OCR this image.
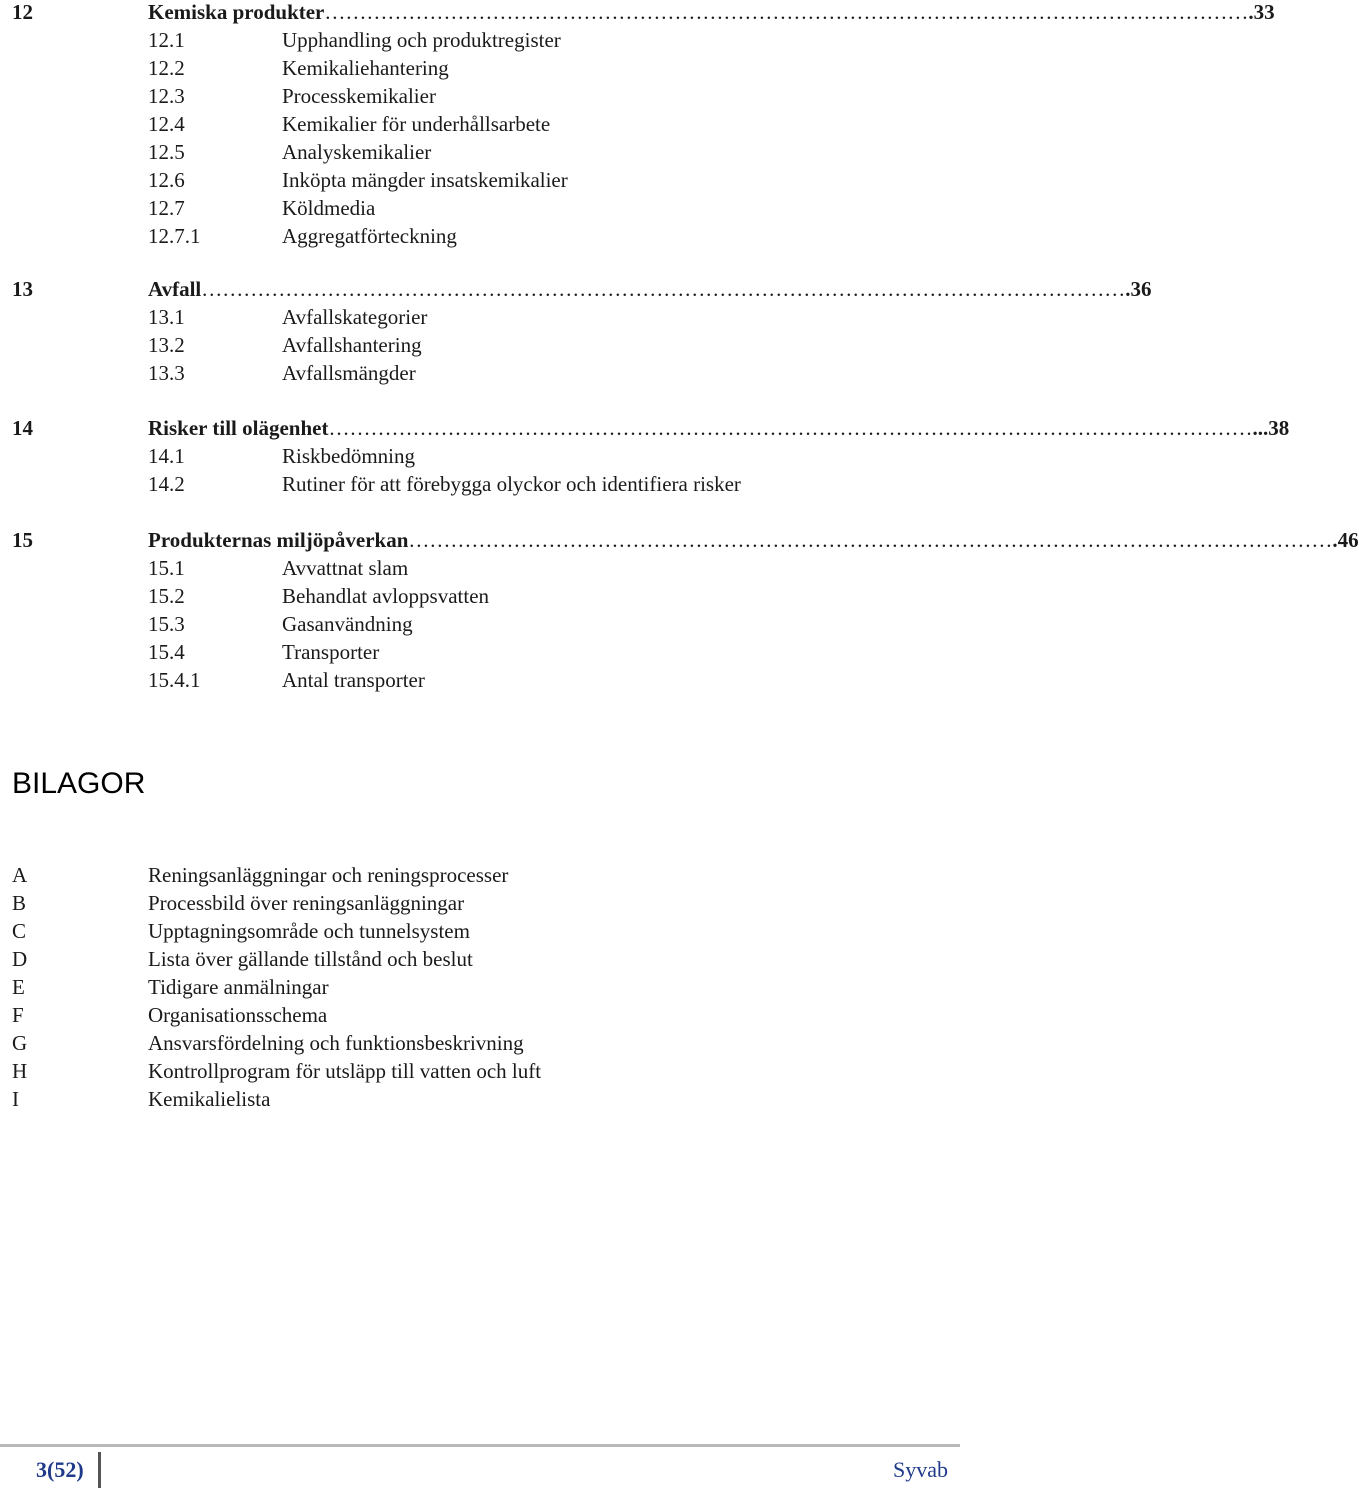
12	Kemiska produkter …………………………………………………………………………………………………………………… .33
12.1	Upphandling och produktregister
12.2	Kemikaliehantering
12.3	Processkemikalier
12.4	Kemikalier för underhållsarbete
12.5	Analyskemikalier
12.6	Inköpta mängder insatskemikalier
12.7	Köldmedia
12.7.1	Aggregatförteckning
13	Avfall …………………………………………………………………………………………………………………… .36
13.1	Avfallskategorier
13.2	Avfallshantering
13.3	Avfallsmängder
14	Risker till olägenhet …………………………………………………………………………………………………………………… ...38
14.1	Riskbedömning
14.2	Rutiner för att förebygga olyckor och identifiera risker
15	Produkternas miljöpåverkan …………………………………………………………………………………………………………………… .46
15.1	Avvattnat slam
15.2	Behandlat avloppsvatten
15.3	Gasanvändning
15.4	Transporter
15.4.1	Antal transporter
BILAGOR
A	Reningsanläggningar och reningsprocesser
B	Processbild över reningsanläggningar
C	Upptagningsområde och tunnelsystem
D	Lista över gällande tillstånd och beslut
E	Tidigare anmälningar
F	Organisationsschema
G	Ansvarsfördelning och funktionsbeskrivning
H	Kontrollprogram för utsläpp till vatten och luft
I	Kemikalielista
3(52)	Syvab
